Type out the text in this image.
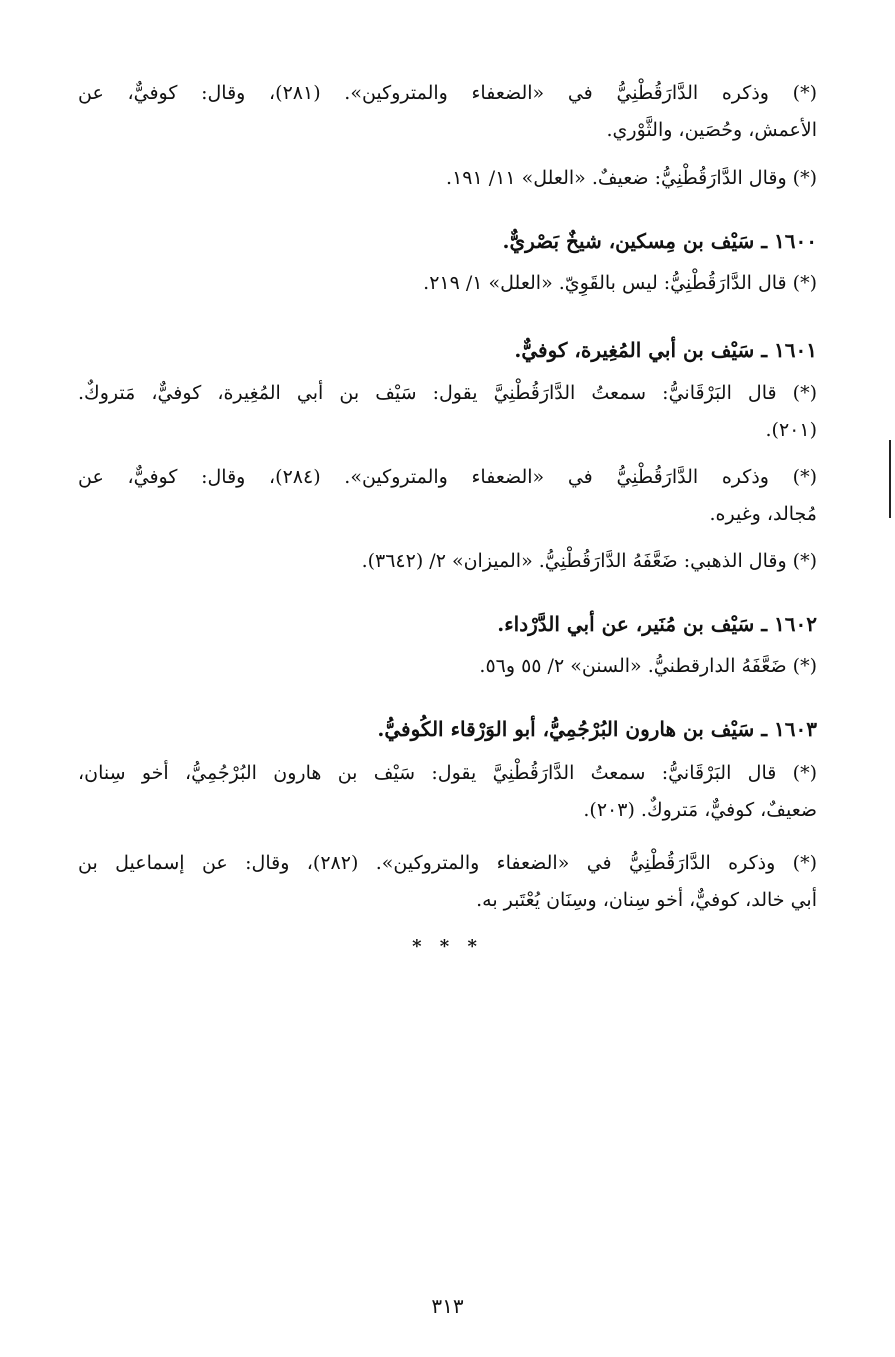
(*) وذكره الدَّارَقُطْنِيُّ في «الضعفاء والمتروكين». (٢٨١)، وقال: كوفيٌّ، عن
الأعمش، وحُصَين، والثَّوْري.
(*) وقال الدَّارَقُطْنِيُّ: ضعيفٌ. «العلل» ١١/ ١٩١.
١٦٠٠ ـ سَيْف بن مِسكين، شيخٌ بَصْريٌّ.
(*) قال الدَّارَقُطْنِيُّ: ليس بالقَوِيّ. «العلل» ١/ ٢١٩.
١٦٠١ ـ سَيْف بن أبي المُغِيرة، كوفيٌّ.
(*) قال البَرْقَانيُّ: سمعتُ الدَّارَقُطْنِيَّ يقول: سَيْف بن أبي المُغِيرة، كوفيٌّ، مَتروكٌ.
(٢٠١).
(*) وذكره الدَّارَقُطْنِيُّ في «الضعفاء والمتروكين». (٢٨٤)، وقال: كوفيٌّ، عن
مُجالد، وغيره.
(*) وقال الذهبي: ضَعَّفَهُ الدَّارَقُطْنِيُّ. «الميزان» ٢/ (٣٦٤٢).
١٦٠٢ ـ سَيْف بن مُنَير، عن أبي الدَّرْداء.
(*) ضَعَّفَهُ الدارقطنيُّ. «السنن» ٢/ ٥٥ و٥٦.
١٦٠٣ ـ سَيْف بن هارون البُرْجُمِيُّ، أبو الوَرْقاء الكُوفيُّ.
(*) قال البَرْقَانيُّ: سمعتُ الدَّارَقُطْنِيَّ يقول: سَيْف بن هارون البُرْجُمِيُّ، أخو سِنان،
ضعيفٌ، كوفيٌّ، مَتروكٌ. (٢٠٣).
(*) وذكره الدَّارَقُطْنِيُّ في «الضعفاء والمتروكين». (٢٨٢)، وقال: عن إسماعيل بن
أبي خالد، كوفيٌّ، أخو سِنان، وسِنَان يُعْتَبر به.
* * *
٣١٣
